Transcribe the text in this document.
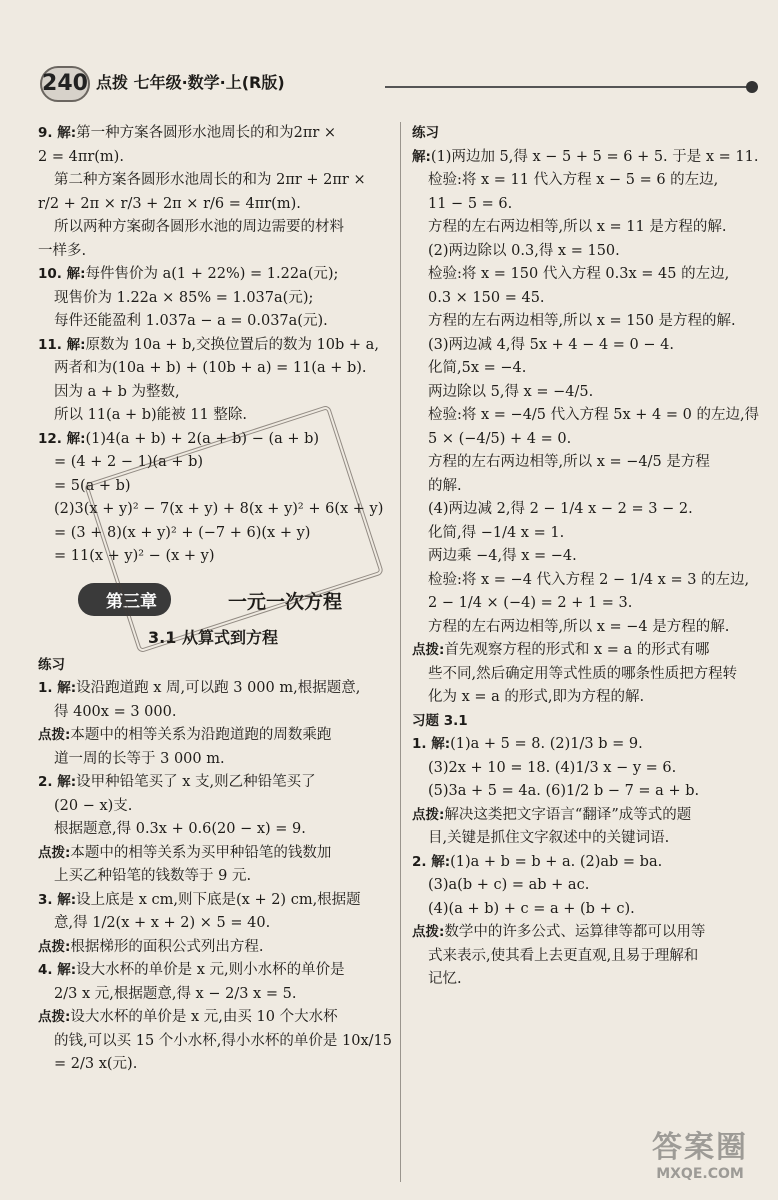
240 点拨 七年级·数学·上(R版)
9. 解:第一种方案各圆形水池周长的和为2πr ×
2 = 4πr(m).
第二种方案各圆形水池周长的和为 2πr + 2πr ×
r/2 + 2π × r/3 + 2π × r/6 = 4πr(m).
所以两种方案砌各圆形水池的周边需要的材料
一样多.
10. 解:每件售价为 a(1 + 22%) = 1.22a(元);
现售价为 1.22a × 85% = 1.037a(元);
每件还能盈利 1.037a − a = 0.037a(元).
11. 解:原数为 10a + b,交换位置后的数为 10b + a,
两者和为(10a + b) + (10b + a) = 11(a + b).
因为 a + b 为整数,
所以 11(a + b)能被 11 整除.
12. 解:(1)4(a + b) + 2(a + b) − (a + b)
= (4 + 2 − 1)(a + b)
= 5(a + b)
(2)3(x + y)² − 7(x + y) + 8(x + y)² + 6(x + y)
= (3 + 8)(x + y)² + (−7 + 6)(x + y)
= 11(x + y)² − (x + y)
第三章	一元一次方程
3.1 从算式到方程
练习
1. 解:设沿跑道跑 x 周,可以跑 3 000 m,根据题意,
得 400x = 3 000.
点拨:本题中的相等关系为沿跑道跑的周数乘跑
道一周的长等于 3 000 m.
2. 解:设甲种铅笔买了 x 支,则乙种铅笔买了
(20 − x)支.
根据题意,得 0.3x + 0.6(20 − x) = 9.
点拨:本题中的相等关系为买甲种铅笔的钱数加
上买乙种铅笔的钱数等于 9 元.
3. 解:设上底是 x cm,则下底是(x + 2) cm,根据题
意,得 1/2(x + x + 2) × 5 = 40.
点拨:根据梯形的面积公式列出方程.
4. 解:设大水杯的单价是 x 元,则小水杯的单价是
2/3 x 元,根据题意,得 x − 2/3 x = 5.
点拨:设大水杯的单价是 x 元,由买 10 个大水杯
的钱,可以买 15 个小水杯,得小水杯的单价是 10x/15
= 2/3 x(元).
练习
解:(1)两边加 5,得 x − 5 + 5 = 6 + 5. 于是 x = 11.
检验:将 x = 11 代入方程 x − 5 = 6 的左边,
11 − 5 = 6.
方程的左右两边相等,所以 x = 11 是方程的解.
(2)两边除以 0.3,得 x = 150.
检验:将 x = 150 代入方程 0.3x = 45 的左边,
0.3 × 150 = 45.
方程的左右两边相等,所以 x = 150 是方程的解.
(3)两边减 4,得 5x + 4 − 4 = 0 − 4.
化简,5x = −4.
两边除以 5,得 x = −4/5.
检验:将 x = −4/5 代入方程 5x + 4 = 0 的左边,得
5 × (−4/5) + 4 = 0.
方程的左右两边相等,所以 x = −4/5 是方程
的解.
(4)两边减 2,得 2 − 1/4 x − 2 = 3 − 2.
化简,得 −1/4 x = 1.
两边乘 −4,得 x = −4.
检验:将 x = −4 代入方程 2 − 1/4 x = 3 的左边,
2 − 1/4 × (−4) = 2 + 1 = 3.
方程的左右两边相等,所以 x = −4 是方程的解.
点拨:首先观察方程的形式和 x = a 的形式有哪
些不同,然后确定用等式性质的哪条性质把方程转
化为 x = a 的形式,即为方程的解.
习题 3.1
1. 解:(1)a + 5 = 8. (2)1/3 b = 9.
(3)2x + 10 = 18. (4)1/3 x − y = 6.
(5)3a + 5 = 4a. (6)1/2 b − 7 = a + b.
点拨:解决这类把文字语言“翻译”成等式的题
目,关键是抓住文字叙述中的关键词语.
2. 解:(1)a + b = b + a. (2)ab = ba.
(3)a(b + c) = ab + ac.
(4)(a + b) + c = a + (b + c).
点拨:数学中的许多公式、运算律等都可以用等
式来表示,使其看上去更直观,且易于理解和
记忆.

答案圈
MXQE.COM
